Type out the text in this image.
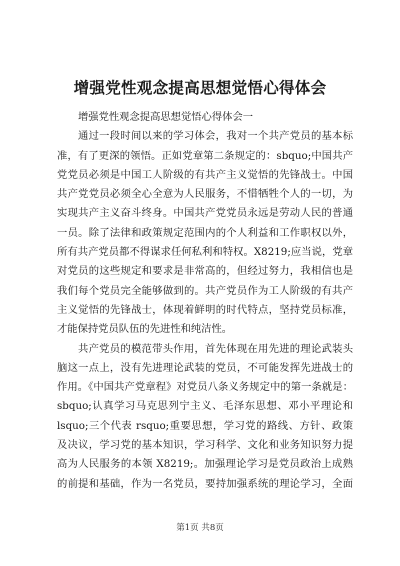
增强党性观念提高思想觉悟心得体会
增强党性观念提高思想觉悟心得体会一
通过一段时间以来的学习体会，我对一个共产党员的基本标
准，有了更深的领悟。正如党章第二条规定的：sbquo;中国共产
党党员必须是中国工人阶级的有共产主义觉悟的先锋战士。中国
共产党党员必须全心全意为人民服务，不惜牺牲个人的一切，为
实现共产主义奋斗终身。中国共产党党员永远是劳动人民的普通
一员。除了法律和政策规定范围内的个人利益和工作职权以外，
所有共产党员都不得谋求任何私利和特权。X8219;应当说，党章
对党员的这些规定和要求是非常高的，但经过努力，我相信也是
我们每个党员完全能够做到的。共产党员作为工人阶级的有共产
主义觉悟的先锋战士，体现着鲜明的时代特点，坚持党员标准，
才能保持党员队伍的先进性和纯洁性。
共产党员的模范带头作用，首先体现在用先进的理论武装头
脑这一点上，没有先进理论武装的党员，不可能发挥先进战士的
作用。《中国共产党章程》对党员八条义务规定中的第一条就是：
sbquo;认真学习马克思列宁主义、毛泽东思想、邓小平理论和
lsquo;三个代表 rsquo;重要思想，学习党的路线、方针、政策
及决议，学习党的基本知识，学习科学、文化和业务知识努力提
高为人民服务的本领 X8219;。加强理论学习是党员政治上成熟
的前提和基础，作为一名党员，要持加强系统的理论学习，全面
第1页 共8页
